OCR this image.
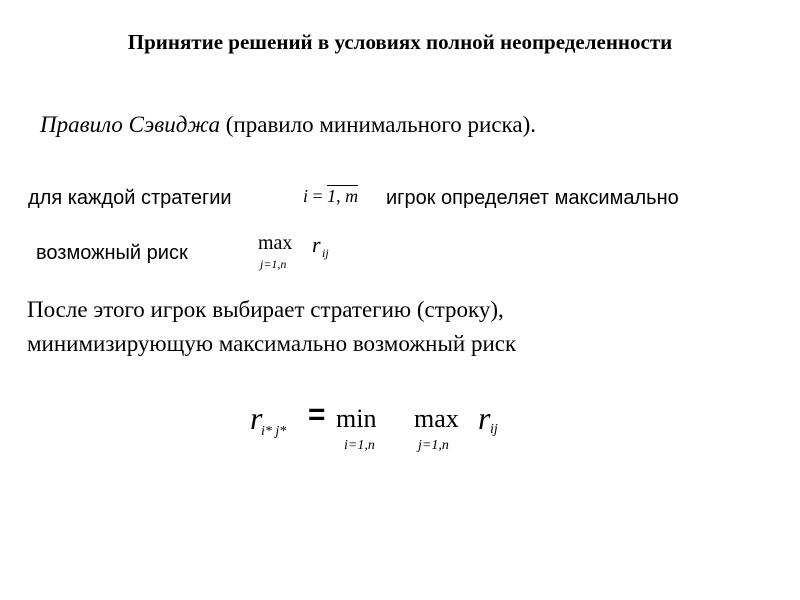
Принятие решений в условиях полной неопределенности
Правило Сэвиджа (правило минимального риска).
для каждой стратегии	i = 1, m игрок определяет максимально
возможный риск	max
j=1,n
r ij
После этого игрок выбирает стратегию (строку),
минимизирующую максимально возможный риск
r
i* j*
= min
i=1,n
max
j=1,n
r ij
